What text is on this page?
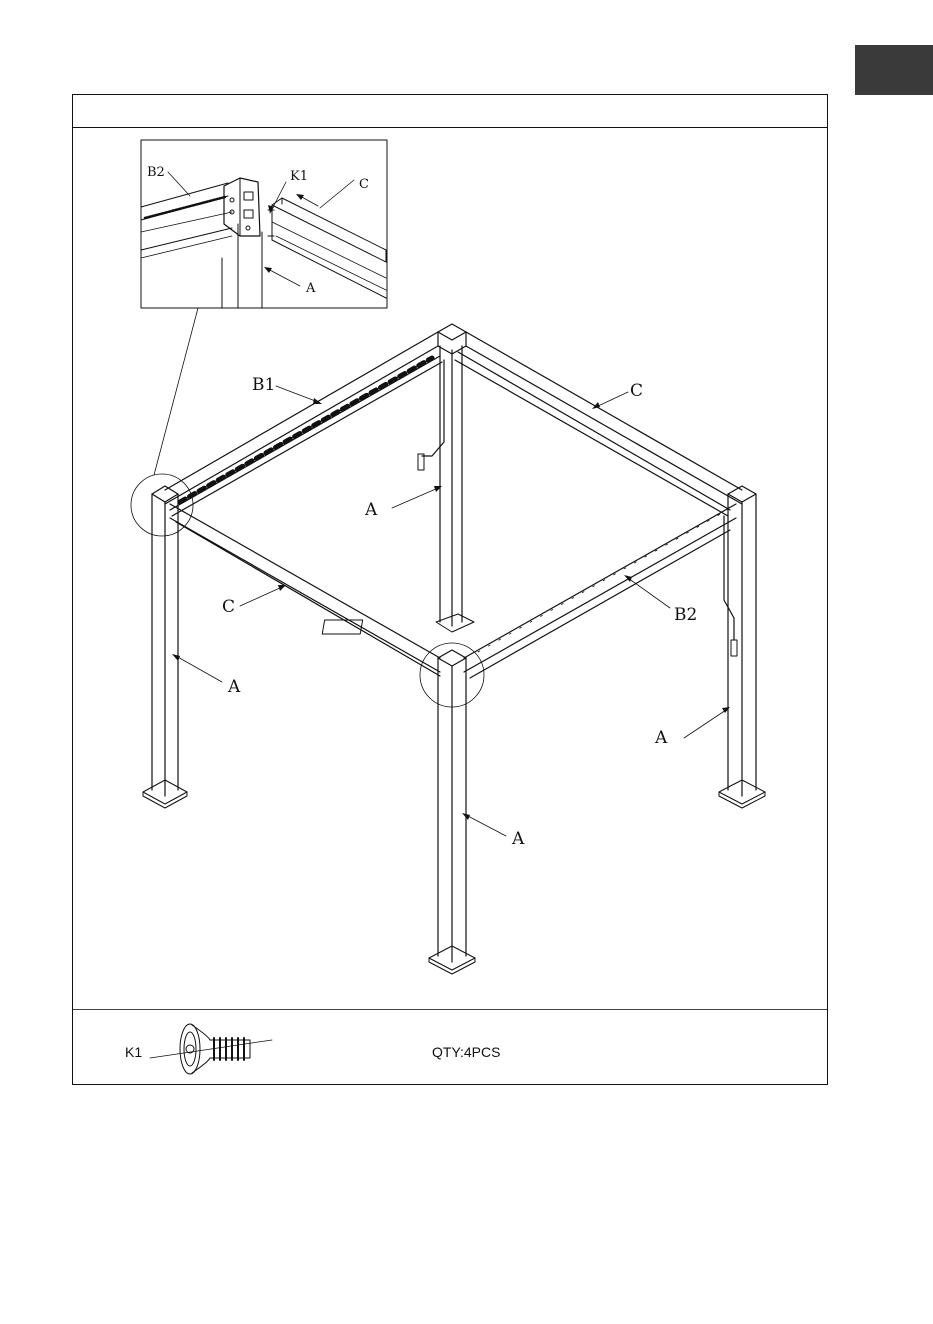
B2	K1
C
A
B1	C
A
C	B2
A
A
A
K1	QTY:4PCS
